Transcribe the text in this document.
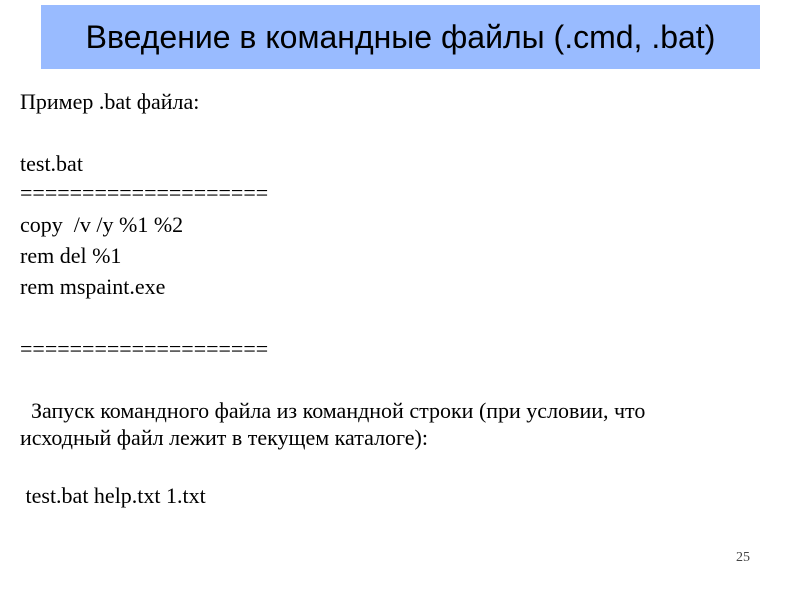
Введение в командные файлы (.cmd, .bat)
Пример .bat файла:
test.bat
====================
copy  /v /y %1 %2
rem del %1
rem mspaint.exe
====================
Запуск командного файла из командной строки (при условии, что
исходный файл лежит в текущем каталоге):
test.bat help.txt 1.txt
25
